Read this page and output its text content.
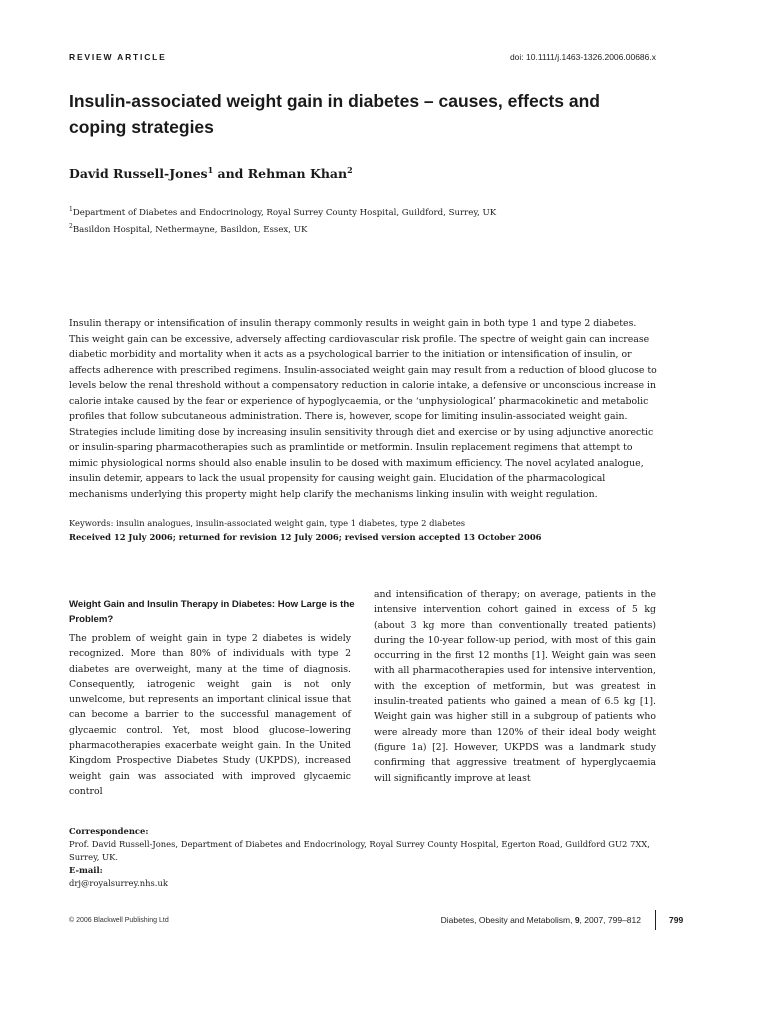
REVIEW ARTICLE	doi: 10.1111/j.1463-1326.2006.00686.x
Insulin-associated weight gain in diabetes – causes, effects and coping strategies
David Russell-Jones$^1$ and Rehman Khan$^2$
$^1$Department of Diabetes and Endocrinology, Royal Surrey County Hospital, Guildford, Surrey, UK
$^2$Basildon Hospital, Nethermayne, Basildon, Essex, UK

Insulin therapy or intensification of insulin therapy commonly results in weight gain in both type 1 and type 2 diabetes. This weight gain can be excessive, adversely affecting cardiovascular risk profile. The spectre of weight gain can increase diabetic morbidity and mortality when it acts as a psychological barrier to the initiation or intensification of insulin, or affects adherence with prescribed regimens. Insulin-associated weight gain may result from a reduction of blood glucose to levels below the renal threshold without a compensatory reduction in calorie intake, a defensive or unconscious increase in calorie intake caused by the fear or experience of hypoglycaemia, or the ‘unphysiological’ pharmacokinetic and metabolic profiles that follow subcutaneous administration. There is, however, scope for limiting insulin-associated weight gain. Strategies include limiting dose by increasing insulin sensitivity through diet and exercise or by using adjunctive anorectic or insulin-sparing pharmacotherapies such as pramlintide or metformin. Insulin replacement regimens that attempt to mimic physiological norms should also enable insulin to be dosed with maximum efficiency. The novel acylated analogue, insulin detemir, appears to lack the usual propensity for causing weight gain. Elucidation of the pharmacological mechanisms underlying this property might help clarify the mechanisms linking insulin with weight regulation.

Keywords: insulin analogues, insulin-associated weight gain, type 1 diabetes, type 2 diabetes
Received 12 July 2006; returned for revision 12 July 2006; revised version accepted 13 October 2006
Weight Gain and Insulin Therapy in Diabetes: How Large is the Problem?

The problem of weight gain in type 2 diabetes is widely recognized. More than 80% of individuals with type 2 diabetes are overweight, many at the time of diagnosis. Consequently, iatrogenic weight gain is not only unwelcome, but represents an important clinical issue that can become a barrier to the successful management of glycaemic control. Yet, most blood glucose–lowering pharmacotherapies exacerbate weight gain. In the United Kingdom Prospective Diabetes Study (UKPDS), increased weight gain was associated with improved glycaemic control

and intensification of therapy; on average, patients in the intensive intervention cohort gained in excess of 5 kg (about 3 kg more than conventionally treated patients) during the 10-year follow-up period, with most of this gain occurring in the first 12 months [1]. Weight gain was seen with all pharmacotherapies used for intensive intervention, with the exception of metformin, but was greatest in insulin-treated patients who gained a mean of 6.5 kg [1]. Weight gain was higher still in a subgroup of patients who were already more than 120% of their ideal body weight (figure 1a) [2]. However, UKPDS was a landmark study confirming that aggressive treatment of hyperglycaemia will significantly improve at least

Correspondence:
Prof. David Russell-Jones, Department of Diabetes and Endocrinology, Royal Surrey County Hospital, Egerton Road, Guildford GU2 7XX, Surrey, UK.
E-mail:
drj@royalsurrey.nhs.uk
© 2006 Blackwell Publishing Ltd	Diabetes, Obesity and Metabolism, 9, 2007, 799–812	799
